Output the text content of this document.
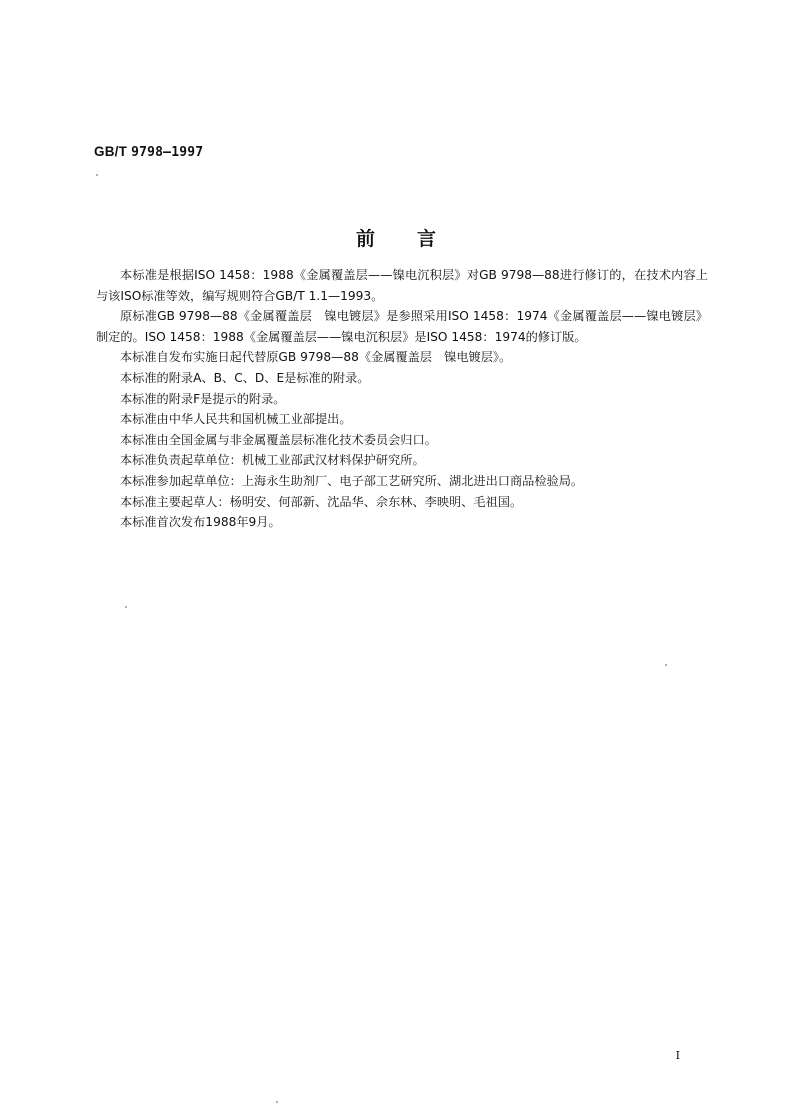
GB/T 9798—1997
前言

本标准是根据ISO 1458：1988《金属覆盖层——镍电沉积层》对GB 9798—88进行修订的，在技术内容上与该ISO标准等效，编写规则符合GB/T 1.1—1993。

原标准GB 9798—88《金属覆盖层　镍电镀层》是参照采用ISO 1458：1974《金属覆盖层——镍电镀层》制定的。ISO 1458：1988《金属覆盖层——镍电沉积层》是ISO 1458：1974的修订版。

本标准自发布实施日起代替原GB 9798—88《金属覆盖层　镍电镀层》。

本标准的附录A、B、C、D、E是标准的附录。

本标准的附录F是提示的附录。

本标准由中华人民共和国机械工业部提出。

本标准由全国金属与非金属覆盖层标准化技术委员会归口。

本标准负责起草单位：机械工业部武汉材料保护研究所。

本标准参加起草单位：上海永生助剂厂、电子部工艺研究所、湖北进出口商品检验局。

本标准主要起草人：杨明安、何部新、沈品华、佘东林、李映明、毛祖国。

本标准首次发布1988年9月。

I
